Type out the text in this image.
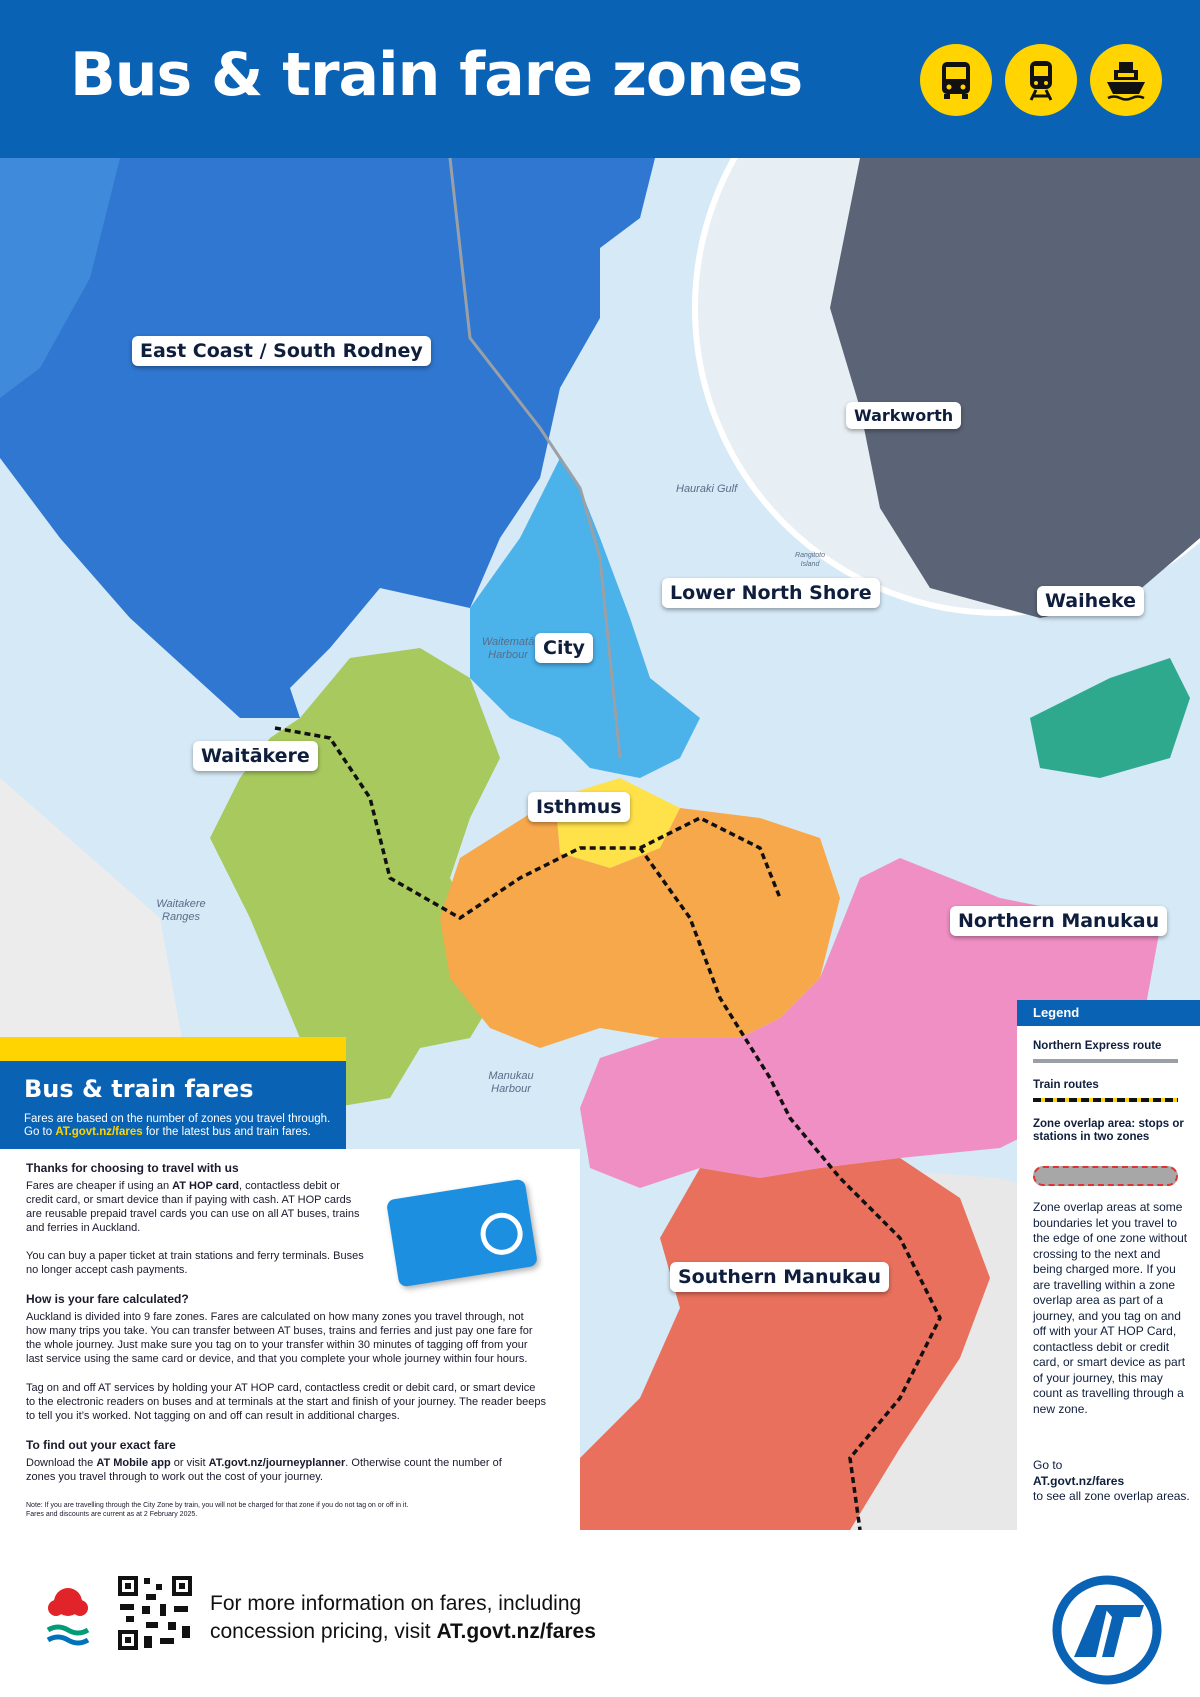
Bus & train fare zones
East Coast / South Rodney
Warkworth
Lower North Shore	Waiheke
City
Waitākere
Isthmus
Northern Manukau
Southern Manukau
Hauraki Gulf
Waitematā Harbour
Manukau Harbour
Waitakere Ranges
Rangitoto Island
Bus & train fares
Fares are based on the number of zones you travel through.
Go to AT.govt.nz/fares for the latest bus and train fares.
Thanks for choosing to travel with us

Fares are cheaper if using an AT HOP card, contactless debit or credit card, or smart device than if paying with cash. AT HOP cards are reusable prepaid travel cards you can use on all AT buses, trains and ferries in Auckland.

You can buy a paper ticket at train stations and ferry terminals. Buses no longer accept cash payments.

How is your fare calculated?

Auckland is divided into 9 fare zones. Fares are calculated on how many zones you travel through, not how many trips you take. You can transfer between AT buses, trains and ferries and just pay one fare for the whole journey. Just make sure you tag on to your transfer within 30 minutes of tagging off from your last service using the same card or device, and that you complete your whole journey within four hours.

Tag on and off AT services by holding your AT HOP card, contactless credit or debit card, or smart device to the electronic readers on buses and at terminals at the start and finish of your journey. The reader beeps to tell you it’s worked. Not tagging on and off can result in additional charges.

To find out your exact fare

Download the AT Mobile app or visit AT.govt.nz/journeyplanner. Otherwise count the number of zones you travel through to work out the cost of your journey.

Note: If you are travelling through the City Zone by train, you will not be charged for that zone if you do not tag on or off in it.
Fares and discounts are current as at 2 February 2025.

Legend
Northern Express route
Train routes
Zone overlap area: stops or stations in two zones
Zone overlap areas at some boundaries let you travel to the edge of one zone without crossing to the next and being charged more. If you are travelling within a zone overlap area as part of a journey, and you tag on and off with your AT HOP Card, contactless debit or credit card, or smart device as part of your journey, this may count as travelling through a new zone.
Go to
AT.govt.nz/fares
to see all zone overlap areas.
For more information on fares, including
concession pricing, visit AT.govt.nz/fares
